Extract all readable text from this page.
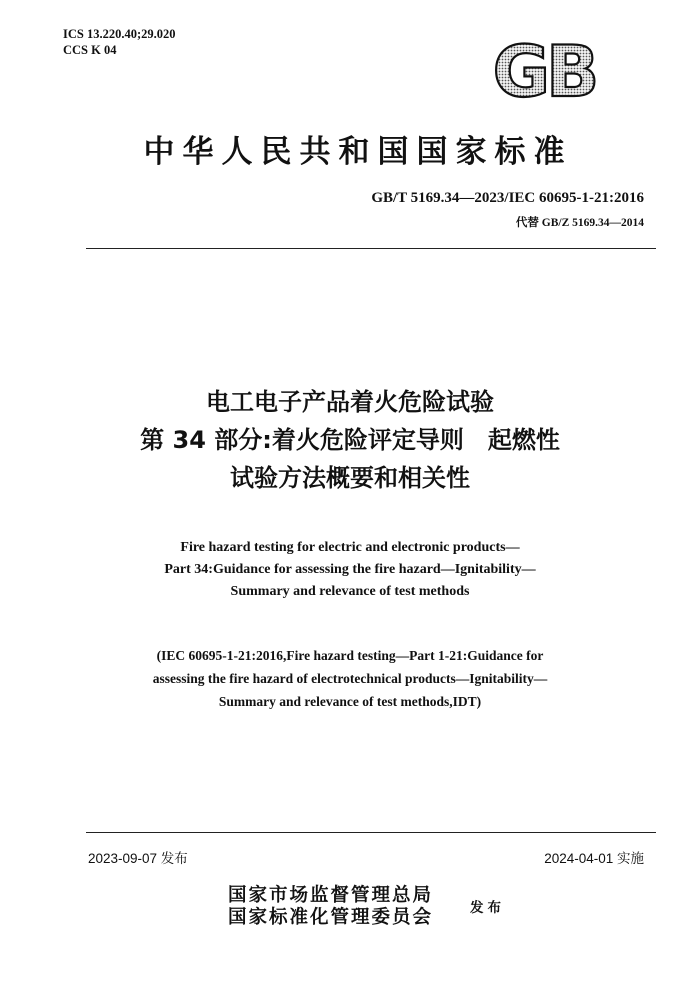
ICS 13.220.40;29.020
CCS K 04	GB
中华人民共和国国家标准
GB/T 5169.34—2023/IEC 60695-1-21:2016
代替 GB/Z 5169.34—2014
电工电子产品着火危险试验
第 34 部分:着火危险评定导则　起燃性
试验方法概要和相关性
Fire hazard testing for electric and electronic products—
Part 34:Guidance for assessing the fire hazard—Ignitability—
Summary and relevance of test methods
(IEC 60695-1-21:2016,Fire hazard testing—Part 1-21:Guidance for
assessing the fire hazard of electrotechnical products—Ignitability—
Summary and relevance of test methods,IDT)
2023-09-07 发布	2024-04-01 实施
国家市场监督管理总局
国家标准化管理委员会	发布
